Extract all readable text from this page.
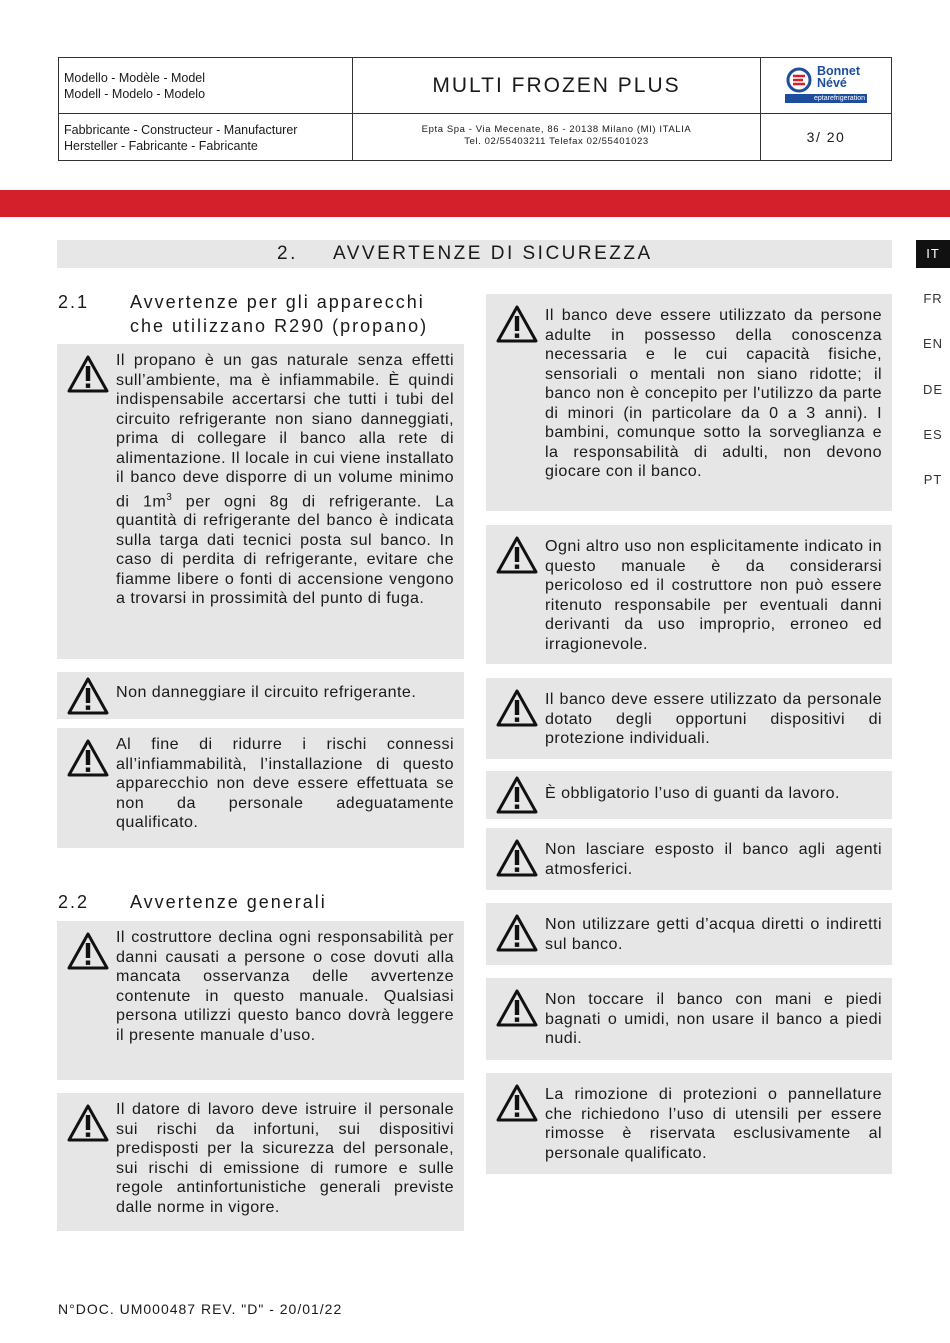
Modello - Modèle - Model
Modell - Modelo - Modelo	MULTI FROZEN PLUS
Bonnet
Névé
eptarefrigeration
Fabbricante - Constructeur - Manufacturer
Hersteller - Fabricante - Fabricante
Epta Spa - Via Mecenate, 86 - 20138 Milano (MI) ITALIA
Tel. 02/55403211 Telefax 02/55401023	3/ 20
2. AVVERTENZE DI SICUREZZA	IT
FR
EN
DE
ES
PT
2.1 Avvertenze per gli apparecchi
che utilizzano R290 (propano)
Il propano è un gas naturale senza effetti sull’ambiente, ma è infiammabile. È quindi indispensabile accertarsi che tutti i tubi del circuito refrigerante non siano danneggiati, prima di collegare il banco alla rete di alimentazione. Il locale in cui viene installato il banco deve disporre di un volume minimo di $1m^3$ per ogni 8g di refrigerante. La quantità di refrigerante del banco è indicata sulla targa dati tecnici posta sul banco. In caso di perdita di refrigerante, evitare che fiamme libere o fonti di accensione vengono a trovarsi in prossimità del punto di fuga.
Non danneggiare il circuito refrigerante.
Al fine di ridurre i rischi connessi all’infiammabilità, l’installazione di questo apparecchio non deve essere effettuata se non da personale adeguatamente qualificato.
2.2 Avvertenze generali
Il costruttore declina ogni responsabilità per danni causati a persone o cose dovuti alla mancata osservanza delle avvertenze contenute in questo manuale. Qualsiasi persona utilizzi questo banco dovrà leggere il presente manuale d’uso.
Il datore di lavoro deve istruire il personale sui rischi da infortuni, sui dispositivi predisposti per la sicurezza del personale, sui rischi di emissione di rumore e sulle regole antinfortunistiche generali previste dalle norme in vigore.
Il banco deve essere utilizzato da persone adulte in possesso della conoscenza necessaria e le cui capacità fisiche, sensoriali o mentali non siano ridotte; il banco non è concepito per l'utilizzo da parte di minori (in particolare da 0 a 3 anni). I bambini, comunque sotto la sorveglianza e la responsabilità di adulti, non devono giocare con il banco.
Ogni altro uso non esplicitamente indicato in questo manuale è da considerarsi pericoloso ed il costruttore non può essere ritenuto responsabile per eventuali danni derivanti da uso improprio, erroneo ed irragionevole.
Il banco deve essere utilizzato da personale dotato degli opportuni dispositivi di protezione individuali.
È obbligatorio l’uso di guanti da lavoro.
Non lasciare esposto il banco agli agenti atmosferici.
Non utilizzare getti d’acqua diretti o indiretti sul banco.
Non toccare il banco con mani e piedi bagnati o umidi, non usare il banco a piedi nudi.
La rimozione di protezioni o pannellature che richiedono l’uso di utensili per essere rimosse è riservata esclusivamente al personale qualificato.
N°DOC. UM000487 REV. "D" - 20/01/22
